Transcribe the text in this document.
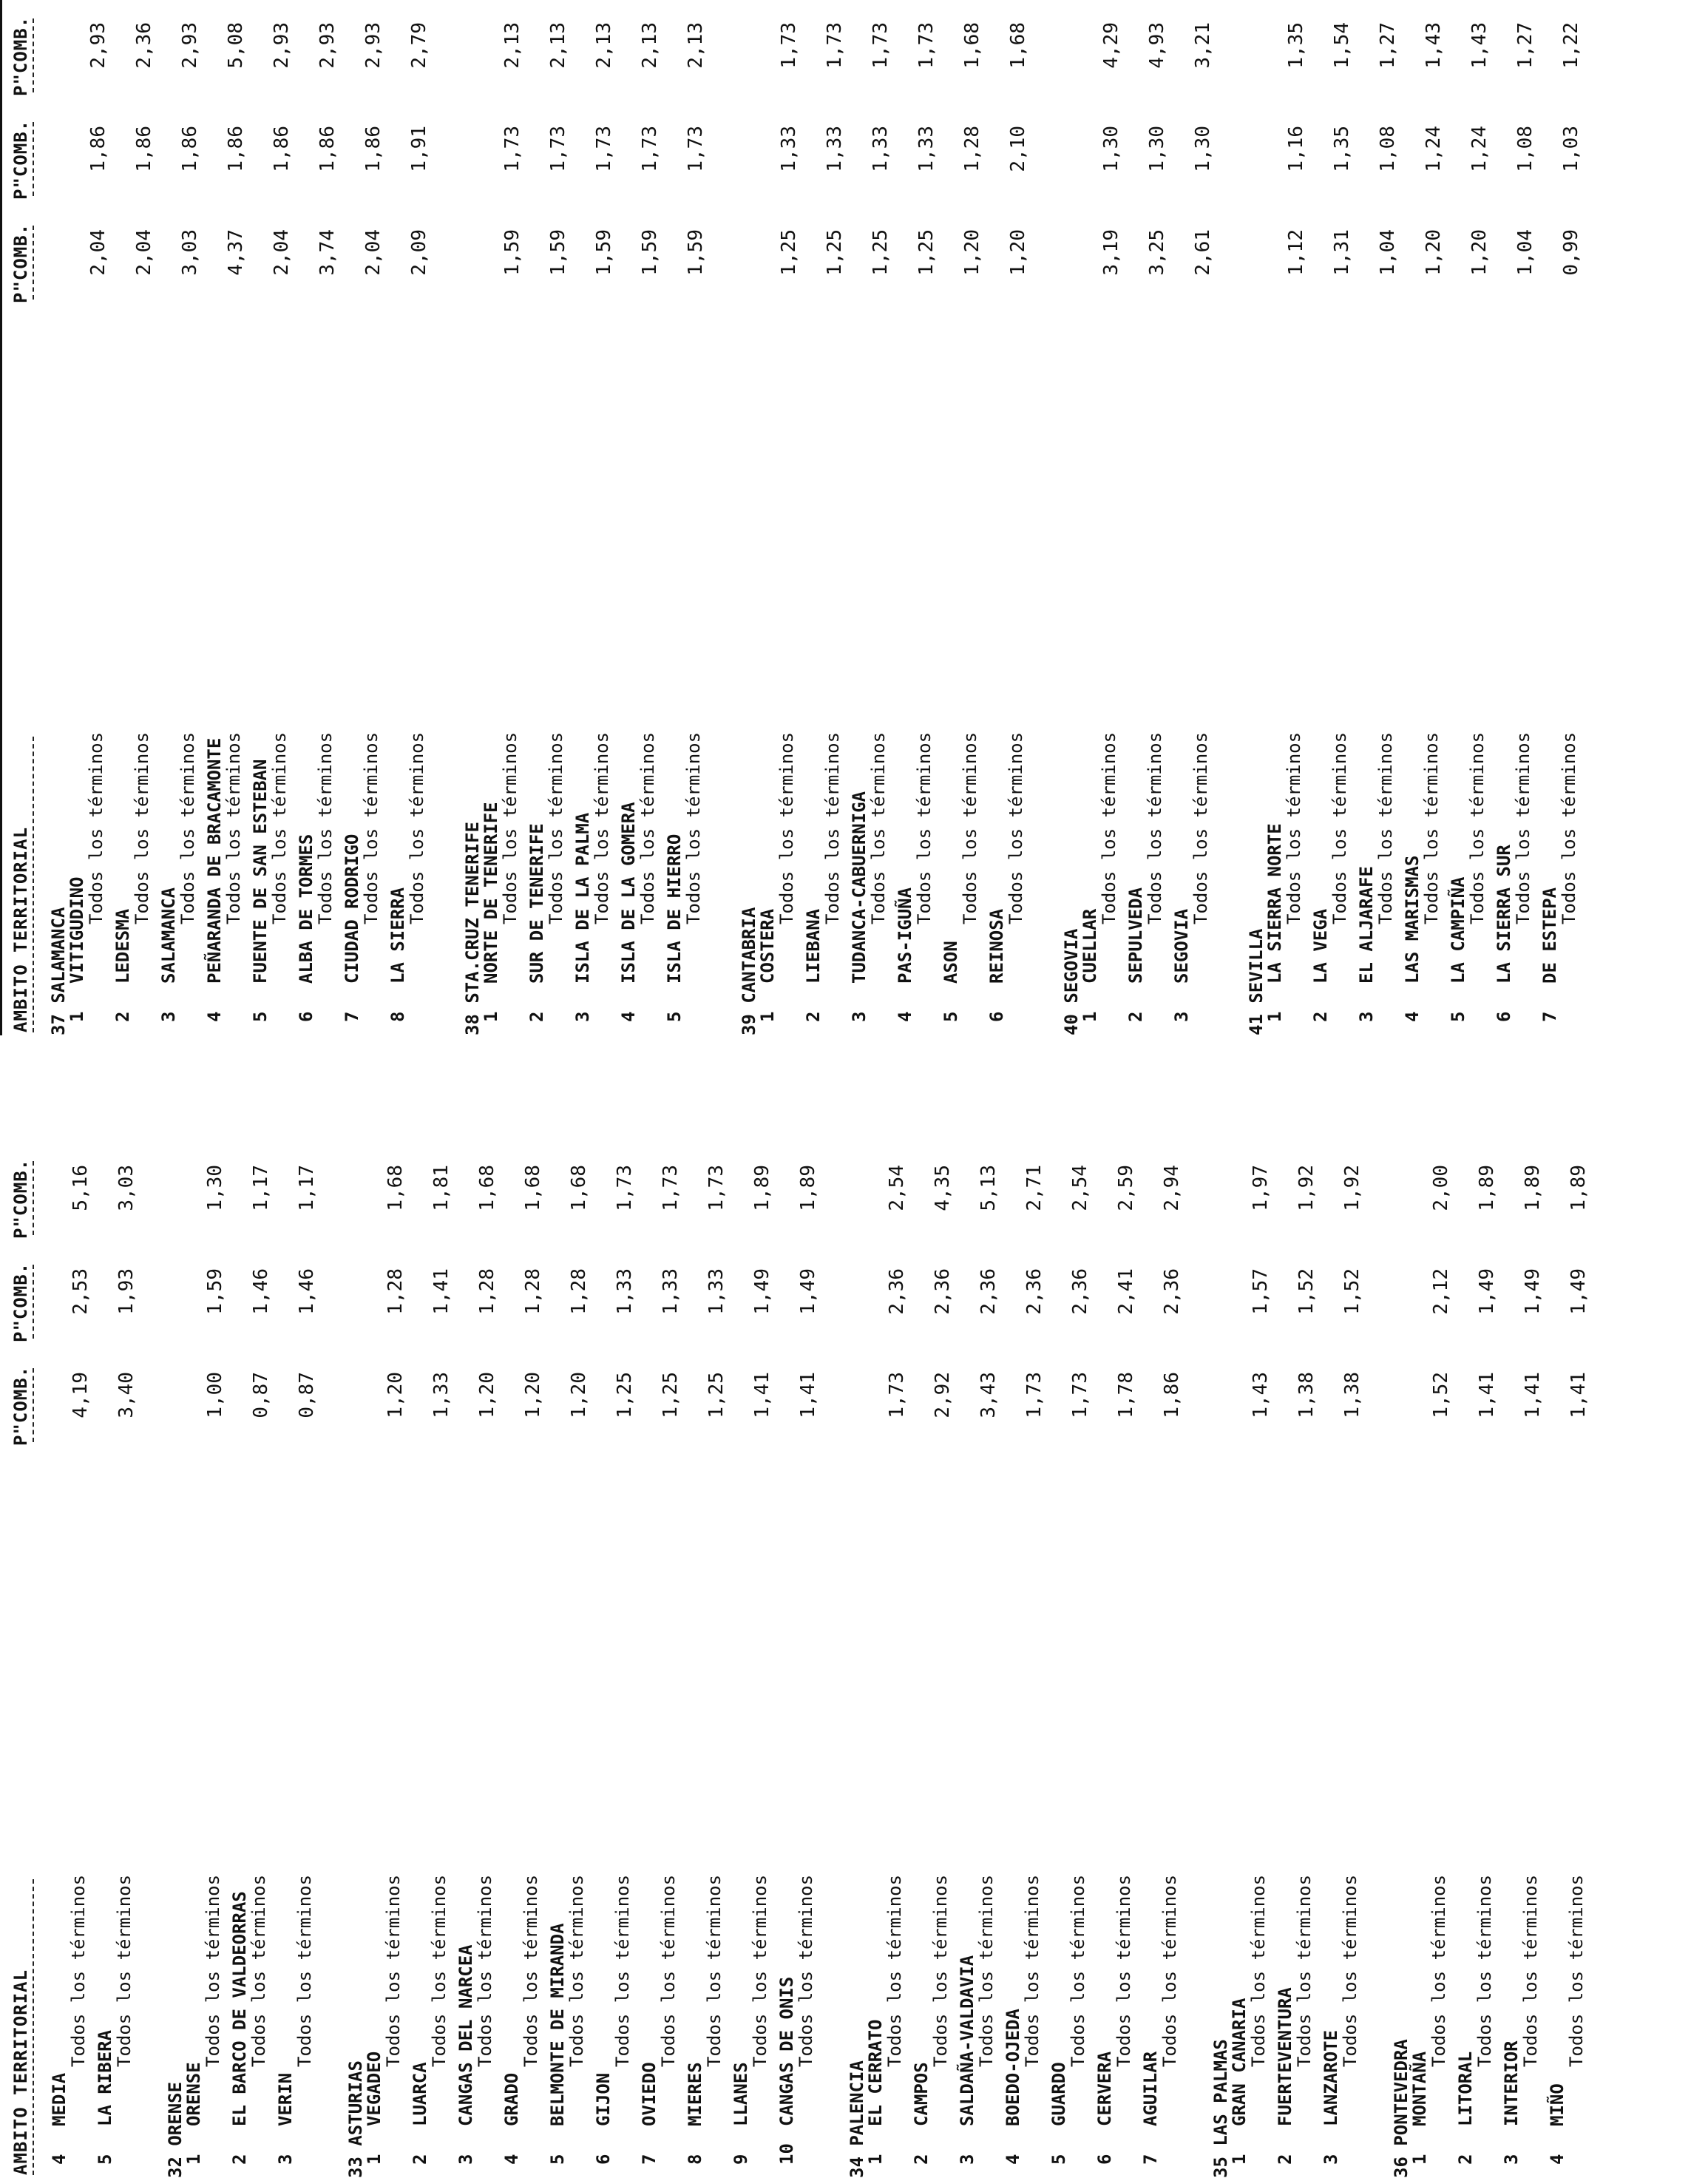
AMBITO TERRITORIAL
P"COMB.
P"COMB.
P"COMB.
4
MEDIA
Todos los términos
4,19
2,53
5,16
5
LA RIBERA
Todos los términos
3,40
1,93
3,03
32 ORENSE
1
ORENSE
Todos los términos
1,00
1,59
1,30
2
EL BARCO DE VALDEORRAS
Todos los términos
0,87
1,46
1,17
3
VERIN
Todos los términos
0,87
1,46
1,17
33 ASTURIAS
1
VEGADEO
Todos los términos
1,20
1,28
1,68
2
LUARCA
Todos los términos
1,33
1,41
1,81
3
CANGAS DEL NARCEA
Todos los términos
1,20
1,28
1,68
4
GRADO
Todos los términos
1,20
1,28
1,68
5
BELMONTE DE MIRANDA
Todos los términos
1,20
1,28
1,68
6
GIJON
Todos los términos
1,25
1,33
1,73
7
OVIEDO
Todos los términos
1,25
1,33
1,73
8
MIERES
Todos los términos
1,25
1,33
1,73
9
LLANES
Todos los términos
1,41
1,49
1,89
10
CANGAS DE ONIS
Todos los términos
1,41
1,49
1,89
34 PALENCIA
1
EL CERRATO
Todos los términos
1,73
2,36
2,54
2
CAMPOS
Todos los términos
2,92
2,36
4,35
3
SALDAÑA-VALDAVIA
Todos los términos
3,43
2,36
5,13
4
BOEDO-OJEDA
Todos los términos
1,73
2,36
2,71
5
GUARDO
Todos los términos
1,73
2,36
2,54
6
CERVERA
Todos los términos
1,78
2,41
2,59
7
AGUILAR
Todos los términos
1,86
2,36
2,94
35 LAS PALMAS
1
GRAN CANARIA
Todos los términos
1,43
1,57
1,97
2
FUERTEVENTURA
Todos los términos
1,38
1,52
1,92
3
LANZAROTE
Todos los términos
1,38
1,52
1,92
36 PONTEVEDRA
1
MONTAÑA
Todos los términos
1,52
2,12
2,00
2
LITORAL
Todos los términos
1,41
1,49
1,89
3
INTERIOR
Todos los términos
1,41
1,49
1,89
4
MIÑO
Todos los términos
1,41
1,49
1,89
AMBITO TERRITORIAL
P"COMB.
P"COMB.
P"COMB.
37 SALAMANCA
1
VITIGUDINO
Todos los términos
2,04
1,86
2,93
2
LEDESMA
Todos los términos
2,04
1,86
2,36
3
SALAMANCA
Todos los términos
3,03
1,86
2,93
4
PEÑARANDA DE BRACAMONTE
Todos los términos
4,37
1,86
5,08
5
FUENTE DE SAN ESTEBAN
Todos los términos
2,04
1,86
2,93
6
ALBA DE TORMES
Todos los términos
3,74
1,86
2,93
7
CIUDAD RODRIGO
Todos los términos
2,04
1,86
2,93
8
LA SIERRA
Todos los términos
2,09
1,91
2,79
38 STA.CRUZ TENERIFE
1
NORTE DE TENERIFE
Todos los términos
1,59
1,73
2,13
2
SUR DE TENERIFE
Todos los términos
1,59
1,73
2,13
3
ISLA DE LA PALMA
Todos los términos
1,59
1,73
2,13
4
ISLA DE LA GOMERA
Todos los términos
1,59
1,73
2,13
5
ISLA DE HIERRO
Todos los términos
1,59
1,73
2,13
39 CANTABRIA
1
COSTERA
Todos los términos
1,25
1,33
1,73
2
LIEBANA
Todos los términos
1,25
1,33
1,73
3
TUDANCA-CABUERNIGA
Todos los términos
1,25
1,33
1,73
4
PAS-IGUÑA
Todos los términos
1,25
1,33
1,73
5
ASON
Todos los términos
1,20
1,28
1,68
6
REINOSA
Todos los términos
1,20
2,10
1,68
40 SEGOVIA
1
CUELLAR
Todos los términos
3,19
1,30
4,29
2
SEPULVEDA
Todos los términos
3,25
1,30
4,93
3
SEGOVIA
Todos los términos
2,61
1,30
3,21
41 SEVILLA
1
LA SIERRA NORTE
Todos los términos
1,12
1,16
1,35
2
LA VEGA
Todos los términos
1,31
1,35
1,54
3
EL ALJARAFE
Todos los términos
1,04
1,08
1,27
4
LAS MARISMAS
Todos los términos
1,20
1,24
1,43
5
LA CAMPIÑA
Todos los términos
1,20
1,24
1,43
6
LA SIERRA SUR
Todos los términos
1,04
1,08
1,27
7
DE ESTEPA
Todos los términos
0,99
1,03
1,22
